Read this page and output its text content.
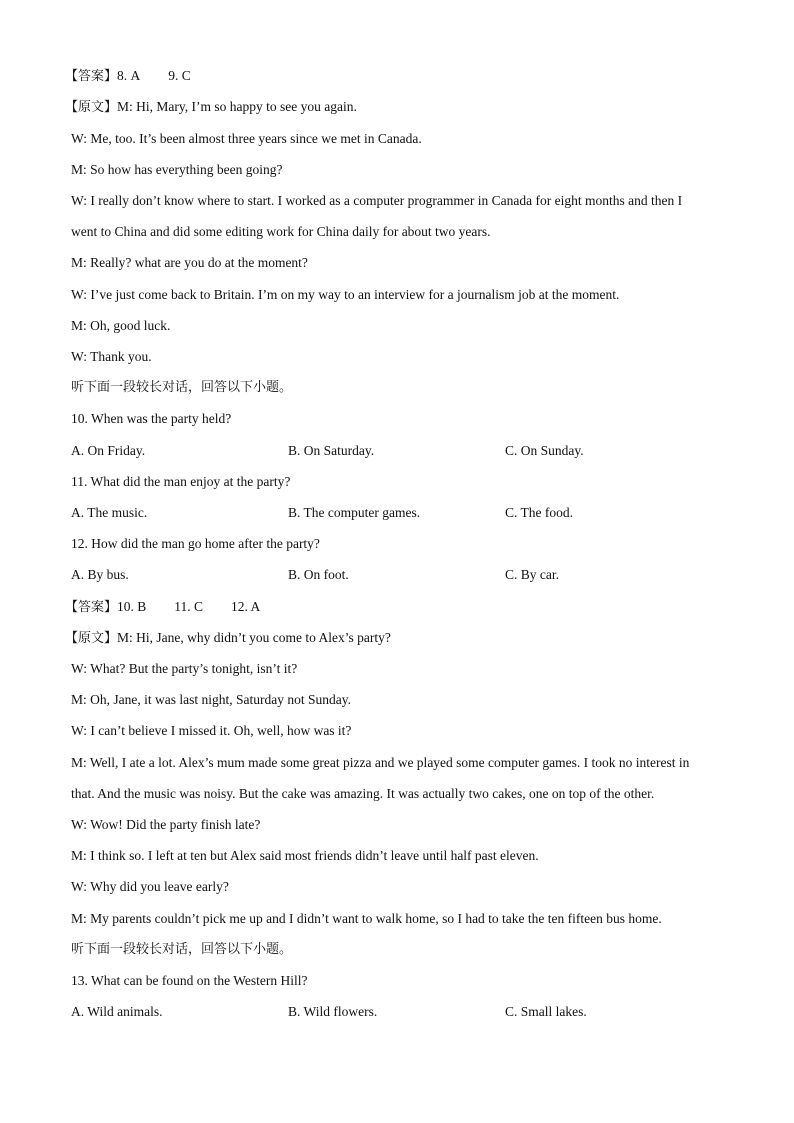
【答案】8. A 9. C
【原文】M: Hi, Mary, I’m so happy to see you again.
W: Me, too. It’s been almost three years since we met in Canada.
M: So how has everything been going?
W: I really don’t know where to start. I worked as a computer programmer in Canada for eight months and then I
went to China and did some editing work for China daily for about two years.
M: Really? what are you do at the moment?
W: I’ve just come back to Britain. I’m on my way to an interview for a journalism job at the moment.
M: Oh, good luck.
W: Thank you.
听下面一段较长对话，回答以下小题。
10. When was the party held?
A. On Friday.	B. On Saturday.	C. On Sunday.
11. What did the man enjoy at the party?
A. The music.	B. The computer games.	C. The food.
12. How did the man go home after the party?
A. By bus.	B. On foot.	C. By car.
【答案】10. B 11. C 12. A
【原文】M: Hi, Jane, why didn’t you come to Alex’s party?
W: What? But the party’s tonight, isn’t it?
M: Oh, Jane, it was last night, Saturday not Sunday.
W: I can’t believe I missed it. Oh, well, how was it?
M: Well, I ate a lot. Alex’s mum made some great pizza and we played some computer games. I took no interest in
that. And the music was noisy. But the cake was amazing. It was actually two cakes, one on top of the other.
W: Wow! Did the party finish late?
M: I think so. I left at ten but Alex said most friends didn’t leave until half past eleven.
W: Why did you leave early?
M: My parents couldn’t pick me up and I didn’t want to walk home, so I had to take the ten fifteen bus home.
听下面一段较长对话，回答以下小题。
13. What can be found on the Western Hill?
A. Wild animals.	B. Wild flowers.	C. Small lakes.
